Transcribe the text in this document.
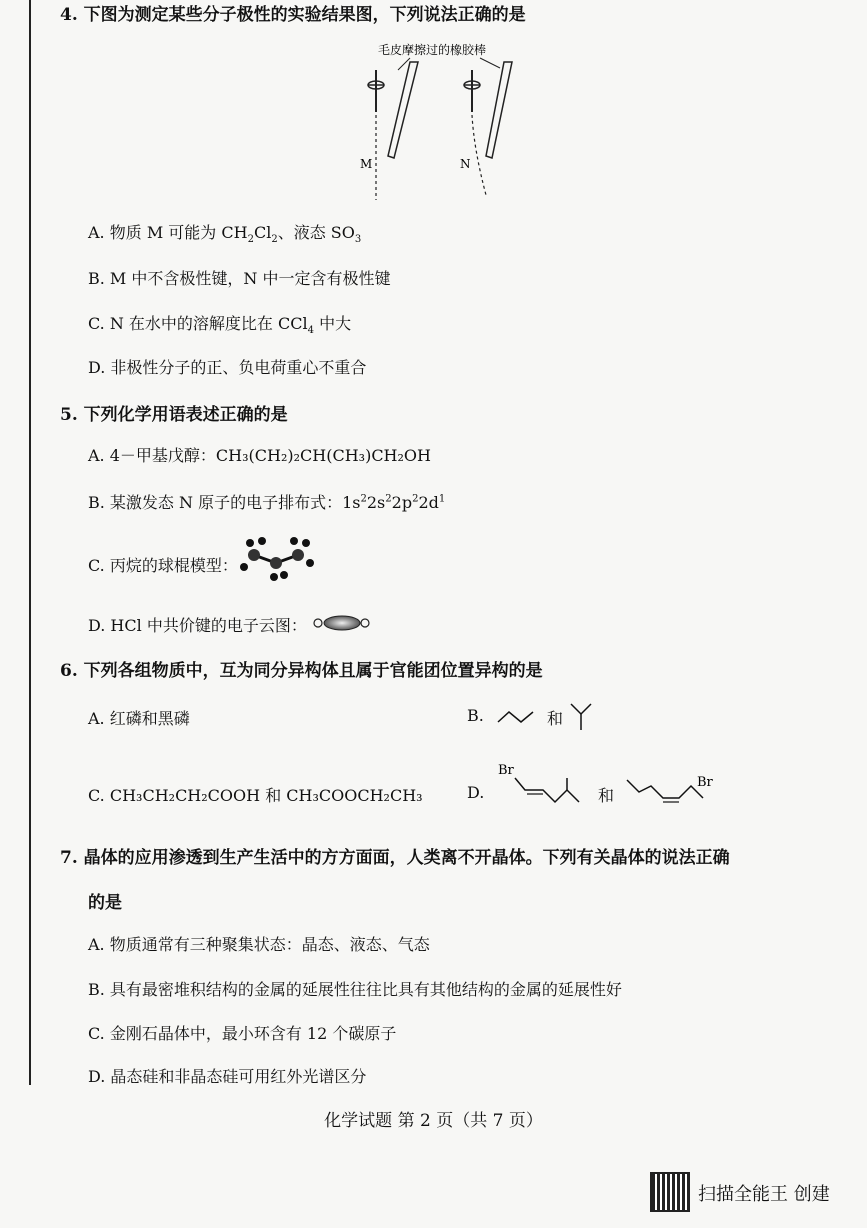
4. 下图为测定某些分子极性的实验结果图，下列说法正确的是
毛皮摩擦过的橡胶棒
M	N
A. 物质 M 可能为 $CH_2Cl_2$、液态 $SO_3$
B. M 中不含极性键，N 中一定含有极性键
C. N 在水中的溶解度比在 CCl$_4$ 中大
D. 非极性分子的正、负电荷重心不重合
5. 下列化学用语表述正确的是
A. 4－甲基戊醇：CH₃(CH₂)₂CH(CH₃)CH₂OH
B. 某激发态 N 原子的电子排布式：$1s^22s^22p^22d^1$
C. 丙烷的球棍模型：
D. HCl 中共价键的电子云图：
6. 下列各组物质中，互为同分异构体且属于官能团位置异构的是
A. 红磷和黑磷	B.	和
C. CH₃CH₂CH₂COOH 和 CH₃COOCH₂CH₃	D.
Br
Br
和
7. 晶体的应用渗透到生产生活中的方方面面，人类离不开晶体。下列有关晶体的说法正确
的是
A. 物质通常有三种聚集状态：晶态、液态、气态
B. 具有最密堆积结构的金属的延展性往往比具有其他结构的金属的延展性好
C. 金刚石晶体中，最小环含有 12 个碳原子
D. 晶态硅和非晶态硅可用红外光谱区分
化学试题 第 2 页（共 7 页）
扫描全能王 创建
